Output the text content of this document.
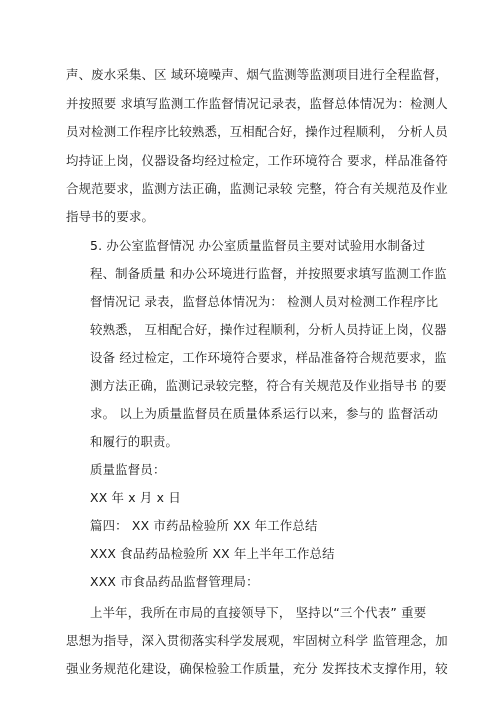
声、废水采集、区 域环境噪声、烟气监测等监测项目进行全程监督，
并按照要 求填写监测工作监督情况记录表，监督总体情况为：检测人
员对检测工作程序比较熟悉，互相配合好，操作过程顺利， 分析人员
均持证上岗，仪器设备均经过检定，工作环境符合 要求，样品准备符
合规范要求，监测方法正确，监测记录较 完整，符合有关规范及作业
指导书的要求。
5. 办公室监督情况 办公室质量监督员主要对试验用水制备过
程、制备质量 和办公环境进行监督，并按照要求填写监测工作监
督情况记 录表，监督总体情况为： 检测人员对检测工作程序比
较熟悉， 互相配合好，操作过程顺利，分析人员持证上岗，仪器
设备 经过检定，工作环境符合要求，样品准备符合规范要求，监
测方法正确，监测记录较完整，符合有关规范及作业指导书 的要
求。 以上为质量监督员在质量体系运行以来，参与的 监督活动
和履行的职责。
质量监督员：
XX 年 x 月 x 日
篇四： XX 市药品检验所 XX 年工作总结
XXX 食品药品检验所 XX 年上半年工作总结
XXX 市食品药品监督管理局：
上半年，我所在市局的直接领导下， 坚持以“三个代表” 重要
思想为指导，深入贯彻落实科学发展观，牢固树立科学 监管理念，加
强业务规范化建设，确保检验工作质量，充分 发挥技术支撑作用，较
